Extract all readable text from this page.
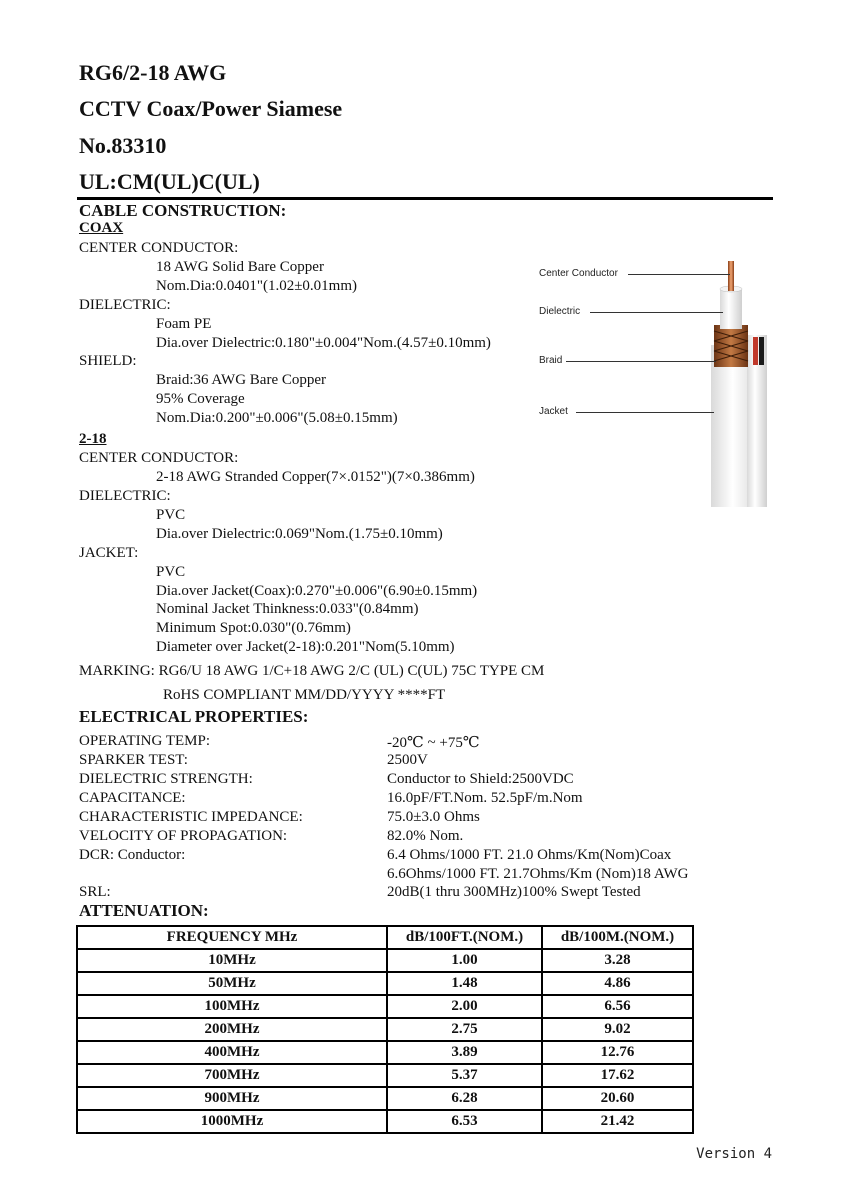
RG6/2-18 AWG
CCTV Coax/Power Siamese
No.83310
UL:CM(UL)C(UL)
CABLE CONSTRUCTION:
COAX
CENTER CONDUCTOR:
18 AWG Solid Bare Copper
Nom.Dia:0.0401"(1.02±0.01mm)
DIELECTRIC:
Foam PE
Dia.over Dielectric:0.180"±0.004"Nom.(4.57±0.10mm)
SHIELD:
Braid:36 AWG Bare Copper
95% Coverage
Nom.Dia:0.200"±0.006"(5.08±0.15mm)
2-18
CENTER CONDUCTOR:
2-18 AWG Stranded Copper(7×.0152")(7×0.386mm)
DIELECTRIC:
PVC
Dia.over Dielectric:0.069"Nom.(1.75±0.10mm)
JACKET:
PVC
Dia.over Jacket(Coax):0.270"±0.006"(6.90±0.15mm)
Nominal Jacket Thinkness:0.033"(0.84mm)
Minimum Spot:0.030"(0.76mm)
Diameter over Jacket(2-18):0.201"Nom(5.10mm)
Center Conductor
Dielectric
Braid
Jacket
MARKING: RG6/U 18 AWG 1/C+18 AWG 2/C (UL) C(UL) 75C TYPE CM
RoHS COMPLIANT MM/DD/YYYY ****FT
ELECTRICAL PROPERTIES:
OPERATING TEMP:	-20℃ ~ +75℃
SPARKER TEST:	2500V
DIELECTRIC STRENGTH:	Conductor to Shield:2500VDC
CAPACITANCE:	16.0pF/FT.Nom. 52.5pF/m.Nom
CHARACTERISTIC IMPEDANCE:	75.0±3.0 Ohms
VELOCITY OF PROPAGATION:	82.0% Nom.
DCR: Conductor:	6.4 Ohms/1000 FT. 21.0 Ohms/Km(Nom)Coax
6.6Ohms/1000 FT. 21.7Ohms/Km (Nom)18 AWG
SRL:	20dB(1 thru 300MHz)100% Swept Tested
ATTENUATION:
FREQUENCY MHz	dB/100FT.(NOM.)	dB/100M.(NOM.)
10MHz	1.00	3.28
50MHz	1.48	4.86
100MHz	2.00	6.56
200MHz	2.75	9.02
400MHz	3.89	12.76
700MHz	5.37	17.62
900MHz	6.28	20.60
1000MHz	6.53	21.42
Version 4
